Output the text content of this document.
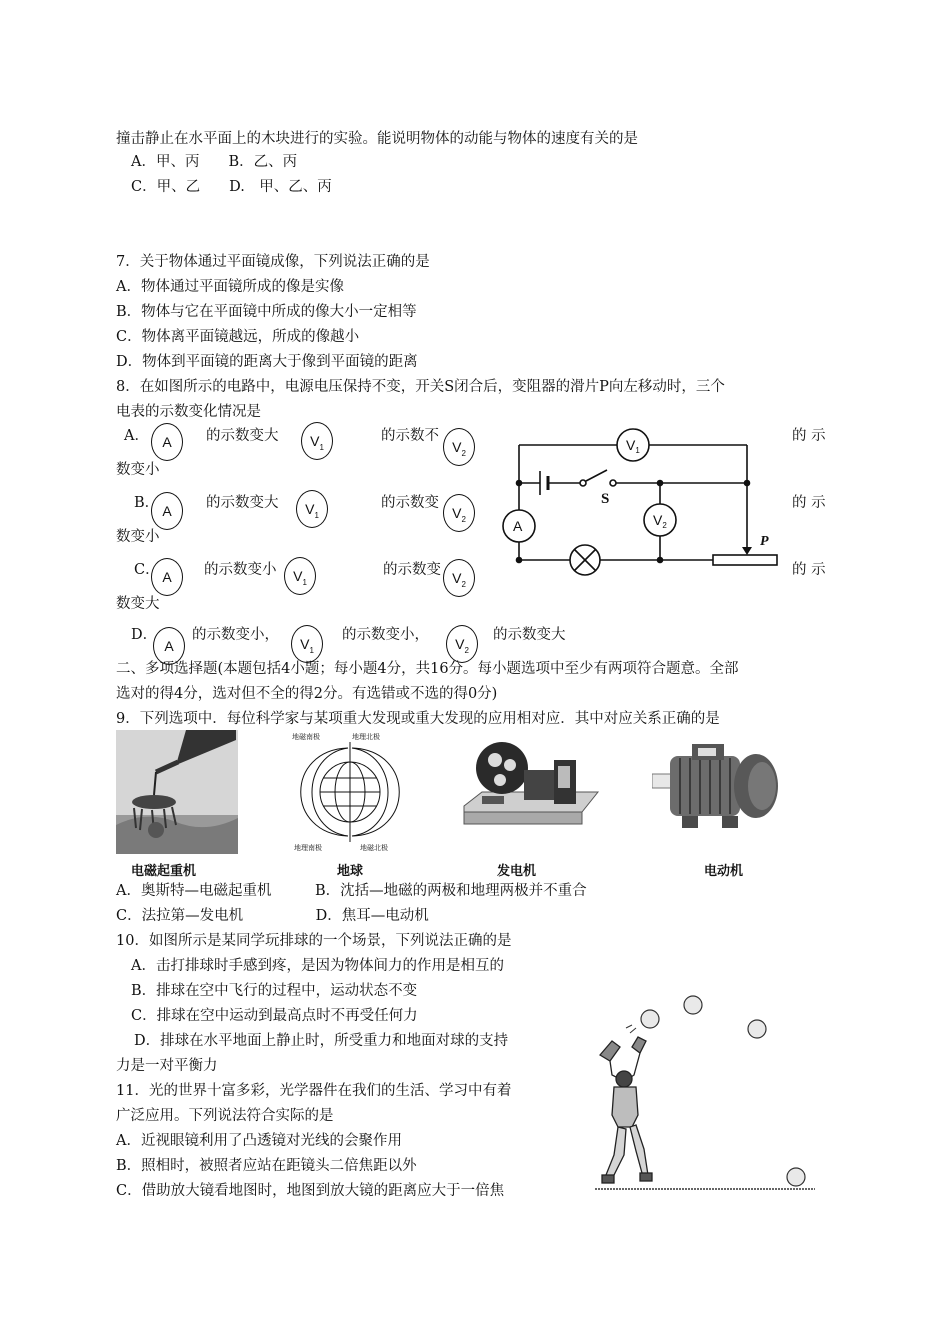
撞击静止在水平面上的木块进行的实验。能说明物体的动能与物体的速度有关的是
A．甲、丙　　B．乙、丙
C．甲、乙　　D.　甲、乙、丙
7．关于物体通过平面镜成像，下列说法正确的是
A．物体通过平面镜所成的像是实像
B．物体与它在平面镜中所成的像大小一定相等
C．物体离平面镜越远，所成的像越小
D．物体到平面镜的距离大于像到平面镜的距离
8．在如图所示的电路中，电源电压保持不变，开关S闭合后，变阻器的滑片P向左移动时，三个
电表的示数变化情况是
A． A	的示数变大	$V_1$
的示数不
$V_2$
的 示
数变小
B． A	的示数变大	$V_1$
的示数变
$V_2$
的 示
数变小
C． A	的示数变小	$V_1$
的示数变 $V_2$
的 示
数变大
D．
A
的示数变小，
$V_1$
的示数变小，
$V_2$
的示数变大
$V_1$
$V_2$
A
S
P
二、多项选择题(本题包括4小题；每小题4分，共16分。每小题选项中至少有两项符合题意。全部
选对的得4分，选对但不全的得2分。有选错或不选的得0分)
9．下列选项中．每位科学家与某项重大发现或重大发现的应用相对应．其中对应关系正确的是
地磁南极	地理北极
地理南极	地磁北极
电磁起重机	地球	发电机	电动机
A．奥斯特—电磁起重机　　　B．沈括—地磁的两极和地理两极并不重合
C．法拉第—发电机　　　　　D．焦耳—电动机
10．如图所示是某同学玩排球的一个场景，下列说法正确的是
A．击打排球时手感到疼，是因为物体间力的作用是相互的
B．排球在空中飞行的过程中，运动状态不变
C．排球在空中运动到最高点时不再受任何力
D．排球在水平地面上静止时，所受重力和地面对球的支持
力是一对平衡力
11．光的世界十富多彩，光学器件在我们的生活、学习中有着
广泛应用。下列说法符合实际的是
A．近视眼镜利用了凸透镜对光线的会聚作用
B．照相时，被照者应站在距镜头二倍焦距以外
C．借助放大镜看地图时，地图到放大镜的距离应大于一倍焦
